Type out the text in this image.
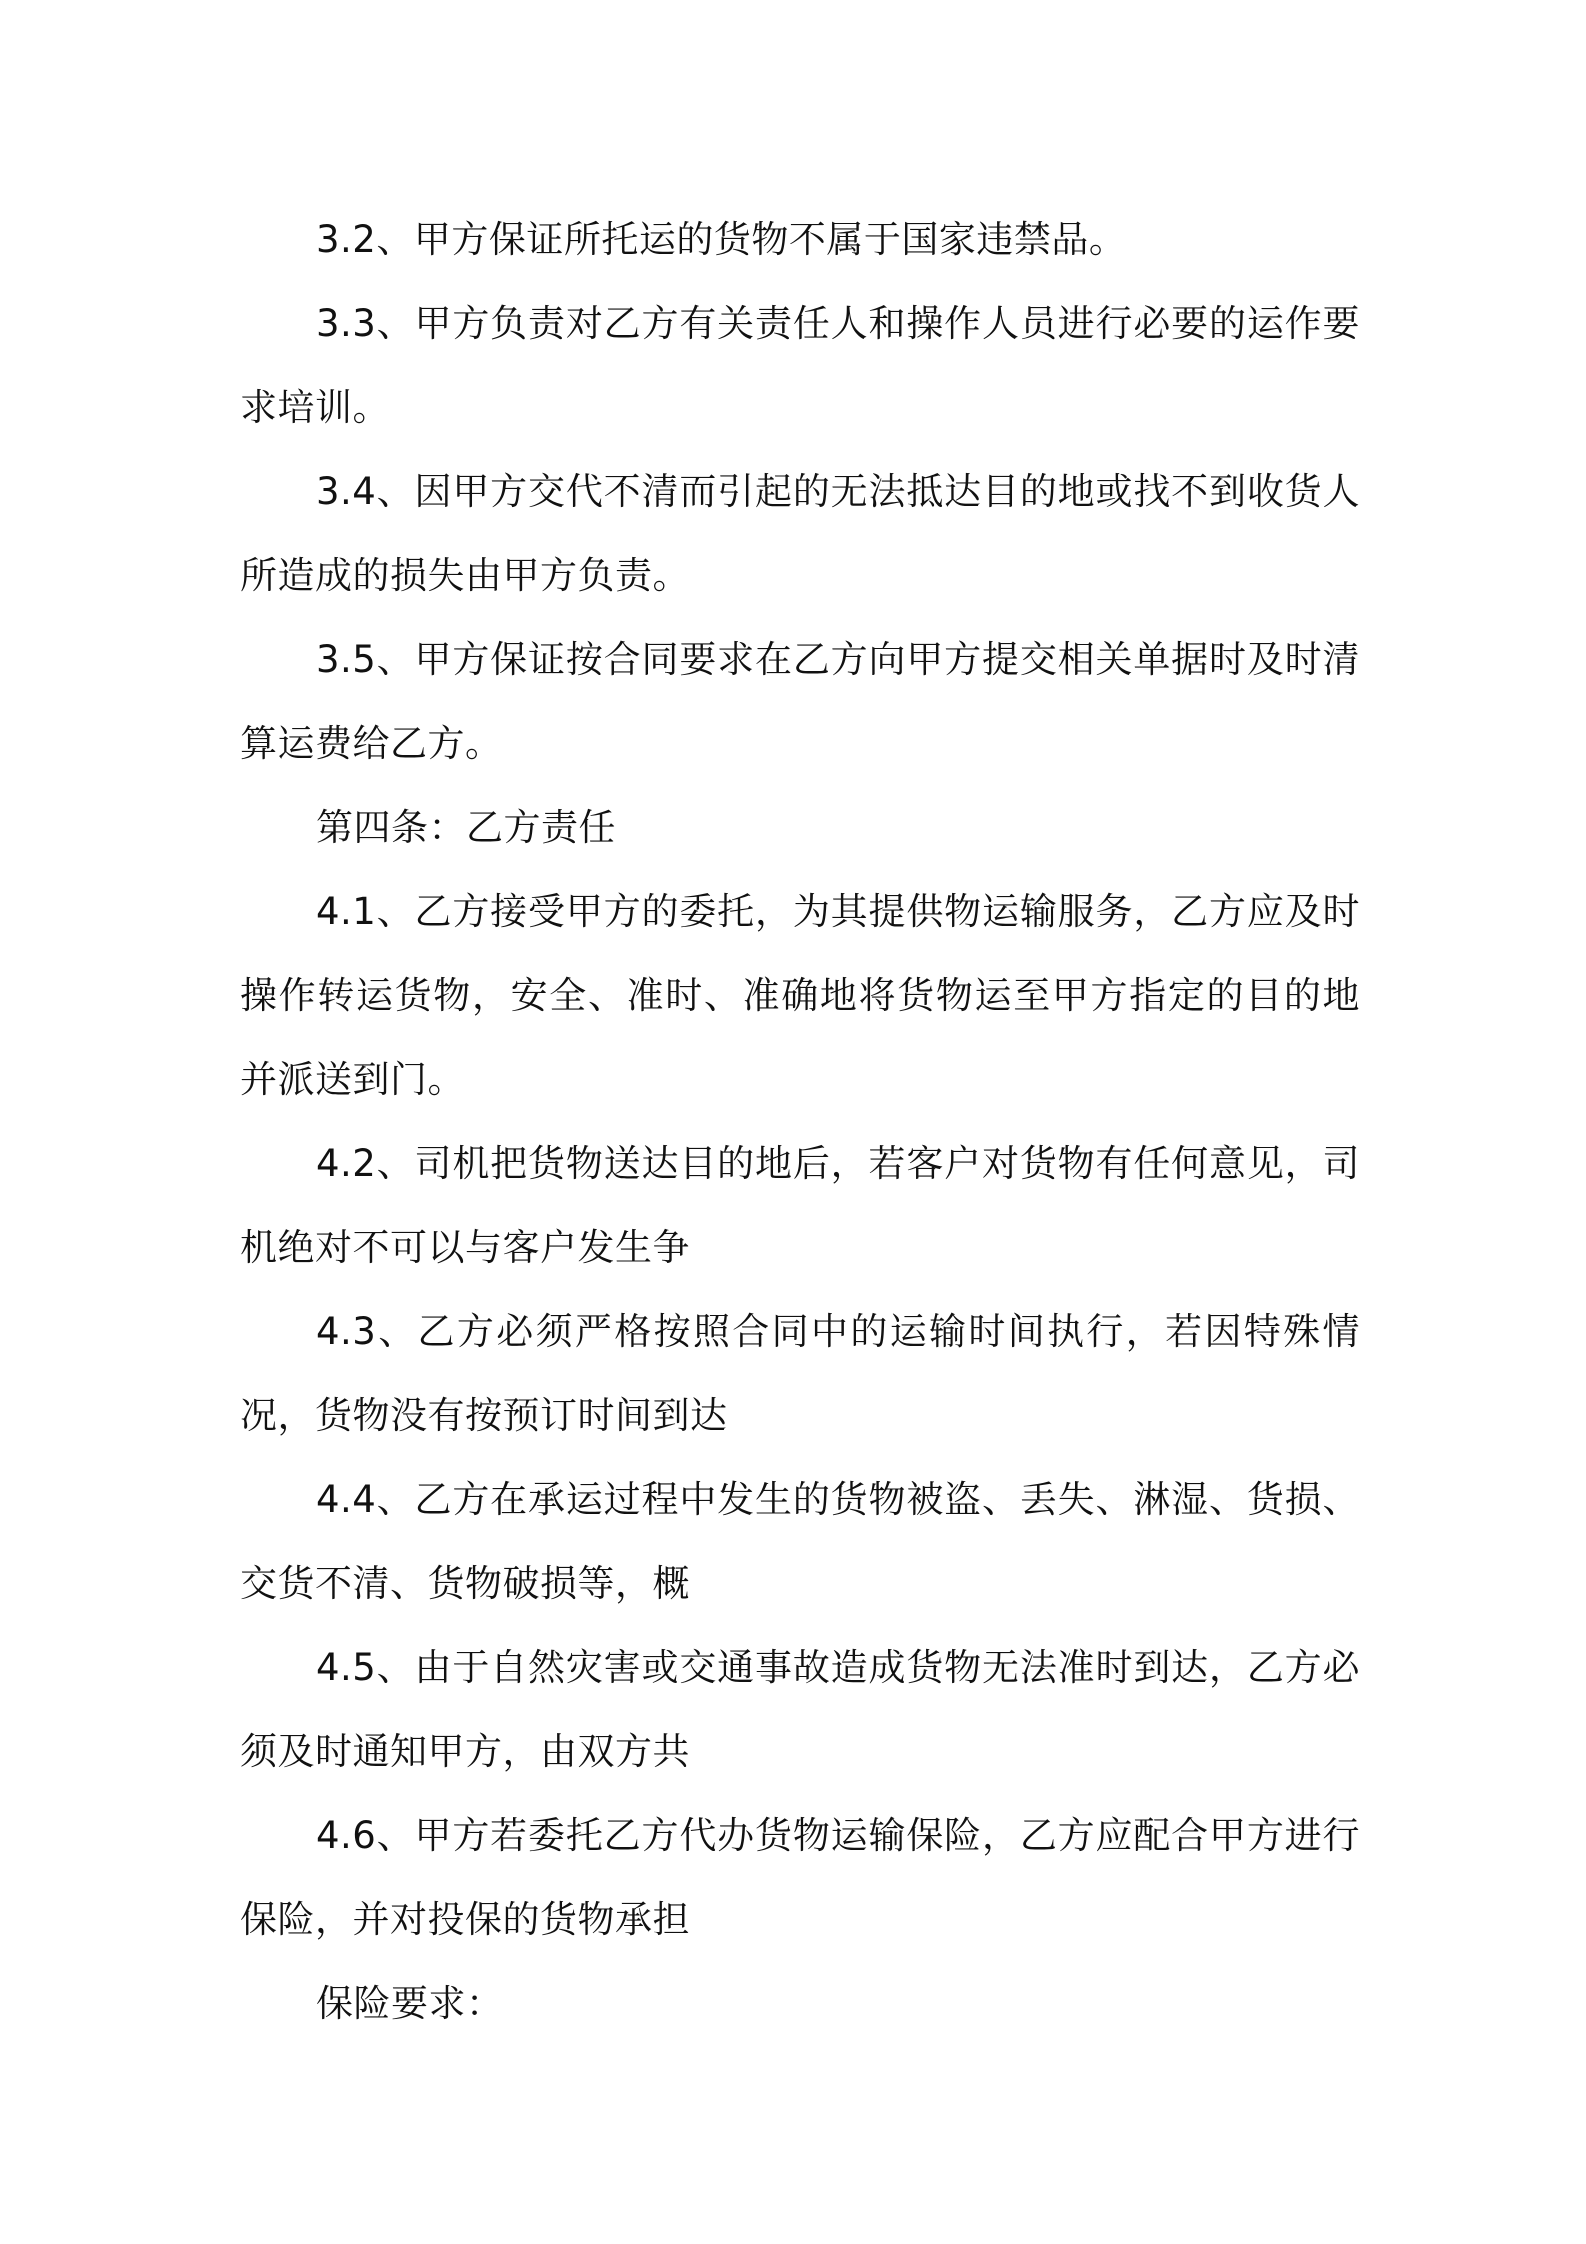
3.2、甲方保证所托运的货物不属于国家违禁品。

3.3、甲方负责对乙方有关责任人和操作人员进行必要的运作要求培训。

3.4、因甲方交代不清而引起的无法抵达目的地或找不到收货人所造成的损失由甲方负责。

3.5、甲方保证按合同要求在乙方向甲方提交相关单据时及时清算运费给乙方。

第四条：乙方责任

4.1、乙方接受甲方的委托，为其提供物运输服务，乙方应及时操作转运货物，安全、准时、准确地将货物运至甲方指定的目的地并派送到门。

4.2、司机把货物送达目的地后，若客户对货物有任何意见，司机绝对不可以与客户发生争

4.3、乙方必须严格按照合同中的运输时间执行，若因特殊情况，货物没有按预订时间到达

4.4、乙方在承运过程中发生的货物被盗、丢失、淋湿、货损、交货不清、货物破损等，概

4.5、由于自然灾害或交通事故造成货物无法准时到达，乙方必须及时通知甲方，由双方共

4.6、甲方若委托乙方代办货物运输保险，乙方应配合甲方进行保险，并对投保的货物承担

保险要求：
